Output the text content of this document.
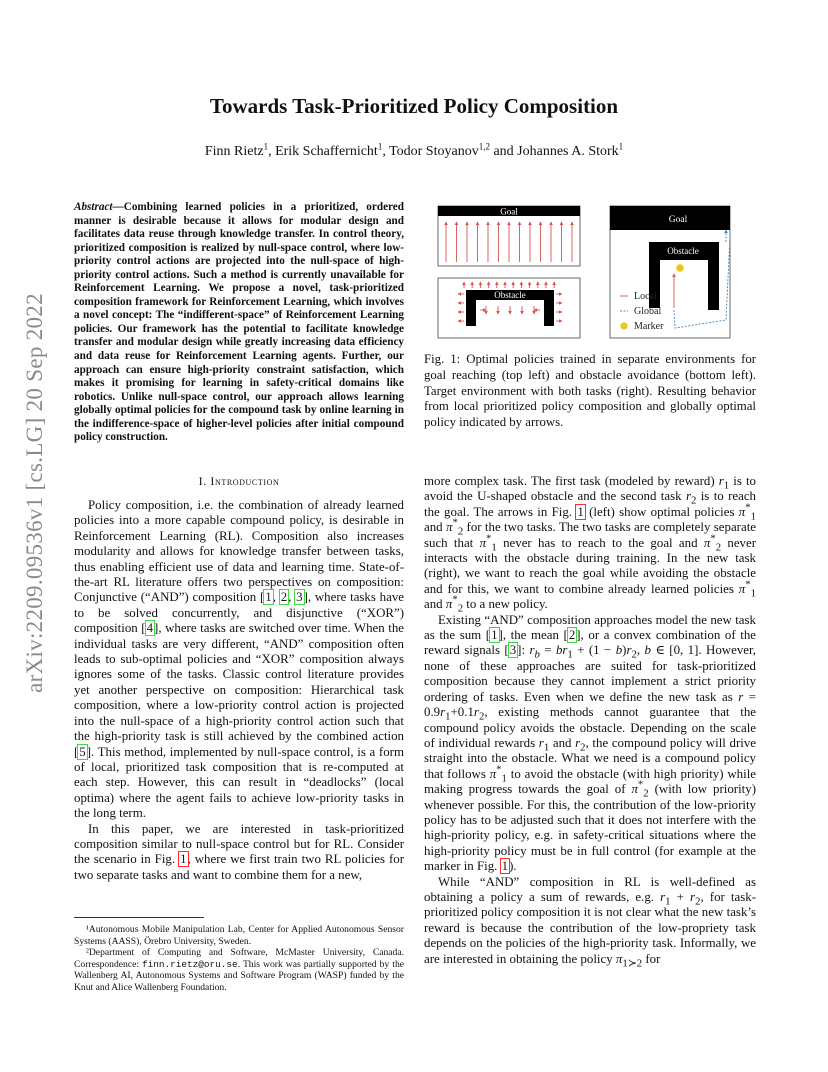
arXiv:2209.09536v1 [cs.LG] 20 Sep 2022
Towards Task-Prioritized Policy Composition
Finn Rietz$^1$, Erik Schaffernicht$^1$, Todor Stoyanov$^{1,2}$ and Johannes A. Stork$^1$
Abstract—Combining learned policies in a prioritized, ordered manner is desirable because it allows for modular design and facilitates data reuse through knowledge transfer. In control theory, prioritized composition is realized by null-space control, where low-priority control actions are projected into the null-space of high-priority control actions. Such a method is currently unavailable for Reinforcement Learning. We propose a novel, task-prioritized composition framework for Reinforcement Learning, which involves a novel concept: The “indifferent-space” of Reinforcement Learning policies. Our framework has the potential to facilitate knowledge transfer and modular design while greatly increasing data efficiency and data reuse for Reinforcement Learning agents. Further, our approach can ensure high-priority constraint satisfaction, which makes it promising for learning in safety-critical domains like robotics. Unlike null-space control, our approach allows learning globally optimal policies for the compound task by online learning in the indifference-space of higher-level policies after initial compound policy construction.
I. Introduction

Policy composition, i.e. the combination of already learned policies into a more capable compound policy, is desirable in Reinforcement Learning (RL). Composition also increases modularity and allows for knowledge transfer between tasks, thus enabling efficient use of data and learning time. State-of-the-art RL literature offers two perspectives on composition: Conjunctive (“AND”) composition [1, 2, 3], where tasks have to be solved concurrently, and disjunctive (“XOR”) composition [4], where tasks are switched over time. When the individual tasks are very different, “AND” composition often leads to sub-optimal policies and “XOR” composition always ignores some of the tasks. Classic control literature provides yet another perspective on composition: Hierarchical task composition, where a low-priority control action is projected into the null-space of a high-priority control action such that the high-priority task is still achieved by the combined action [5]. This method, implemented by null-space control, is a form of local, prioritized task composition that is re-computed at each step. However, this can result in “deadlocks” (local optima) where the agent fails to achieve low-priority tasks in the long term.

In this paper, we are interested in task-prioritized composition similar to null-space control but for RL. Consider the scenario in Fig. 1, where we first train two RL policies for two separate tasks and want to combine them for a new,

¹Autonomous Mobile Manipulation Lab, Center for Applied Autonomous Sensor Systems (AASS), Örebro University, Sweden.

²Department of Computing and Software, McMaster University, Canada. Correspondence: finn.rietz@oru.se. This work was partially supported by the Wallenberg AI, Autonomous Systems and Software Program (WASP) funded by the Knut and Alice Wallenberg Foundation.

Goal
Obstacle
Goal
Obstacle
Local
Global
Marker
Fig. 1: Optimal policies trained in separate environments for goal reaching (top left) and obstacle avoidance (bottom left). Target environment with both tasks (right). Resulting behavior from local prioritized policy composition and globally optimal policy indicated by arrows.

more complex task. The first task (modeled by reward) $r_1$ is to avoid the U-shaped obstacle and the second task $r_2$ is to reach the goal. The arrows in Fig. 1 (left) show optimal policies $\pi^*_1$ and $\pi^*_2$ for the two tasks. The two tasks are completely separate such that $\pi^*_1$ never has to reach to the goal and $\pi^*_2$ never interacts with the obstacle during training. In the new task (right), we want to reach the goal while avoiding the obstacle and for this, we want to combine already learned policies $\pi^*_1$ and $\pi^*_2$ to a new policy.

Existing “AND” composition approaches model the new task as the sum [1], the mean [2], or a convex combination of the reward signals [3]: $r_b = br_1 + (1 - b)r_2$, b ∈ [0, 1]. However, none of these approaches are suited for task-prioritized composition because they cannot implement a strict priority ordering of tasks. Even when we define the new task as $r = 0.9r_1+0.1r_2$, existing methods cannot guarantee that the compound policy avoids the obstacle. Depending on the scale of individual rewards $r_1$ and $r_2$, the compound policy will drive straight into the obstacle. What we need is a compound policy that follows $\pi^*_1$ to avoid the obstacle (with high priority) while making progress towards the goal of $\pi^*_2$ (with low priority) whenever possible. For this, the contribution of the low-priority policy has to be adjusted such that it does not interfere with the high-priority policy, e.g. in safety-critical situations where the high-priority policy must be in full control (for example at the marker in Fig. 1).

While “AND” composition in RL is well-defined as obtaining a policy a sum of rewards, e.g. $r_1 + r_2$, for task-prioritized policy composition it is not clear what the new task’s reward is because the contribution of the low-propriety task depends on the policies of the high-priority task. Informally, we are interested in obtaining the policy $\pi_{1≻2}$ for
